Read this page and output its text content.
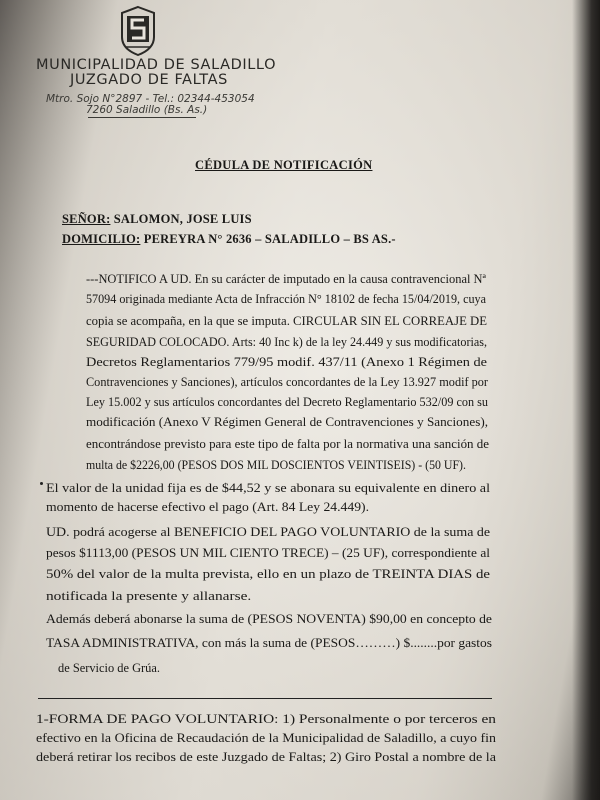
MUNICIPALIDAD DE SALADILLO
JUZGADO DE FALTAS
Mtro. Sojo N°2897 - Tel.: 02344-453054
7260 Saladillo (Bs. As.)
CÉDULA DE NOTIFICACIÓN
SEÑOR: SALOMON, JOSE LUIS
DOMICILIO: PEREYRA N° 2636 – SALADILLO – BS AS.-
---NOTIFICO A UD. En su carácter de imputado en la causa contravencional Nª
57094 originada mediante Acta de Infracción N° 18102 de fecha 15/04/2019, cuya
copia se acompaña, en la que se imputa. CIRCULAR SIN EL CORREAJE DE
SEGURIDAD COLOCADO. Arts: 40 Inc k) de la ley 24.449 y sus modificatorias,
Decretos Reglamentarios 779/95 modif. 437/11 (Anexo 1 Régimen de
Contravenciones y Sanciones), artículos concordantes de la Ley 13.927 modif por
Ley 15.002 y sus artículos concordantes del Decreto Reglamentario 532/09 con su
modificación (Anexo V Régimen General de Contravenciones y Sanciones),
encontrándose previsto para este tipo de falta por la normativa una sanción de
multa de $2226,00 (PESOS DOS MIL DOSCIENTOS VEINTISEIS) - (50 UF).
El valor de la unidad fija es de $44,52 y se abonara su equivalente en dinero al
momento de hacerse efectivo el pago (Art. 84 Ley 24.449).
UD. podrá acogerse al BENEFICIO DEL PAGO VOLUNTARIO de la suma de
pesos $1113,00 (PESOS UN MIL CIENTO TRECE) – (25 UF), correspondiente al
50% del valor de la multa prevista, ello en un plazo de TREINTA DIAS de
notificada la presente y allanarse.
Además deberá abonarse la suma de (PESOS NOVENTA) $90,00 en concepto de
TASA ADMINISTRATIVA, con más la suma de (PESOS………) $........por gastos
de Servicio de Grúa.
1-FORMA DE PAGO VOLUNTARIO: 1) Personalmente o por terceros en
efectivo en la Oficina de Recaudación de la Municipalidad de Saladillo, a cuyo fin
deberá retirar los recibos de este Juzgado de Faltas; 2) Giro Postal a nombre de la
